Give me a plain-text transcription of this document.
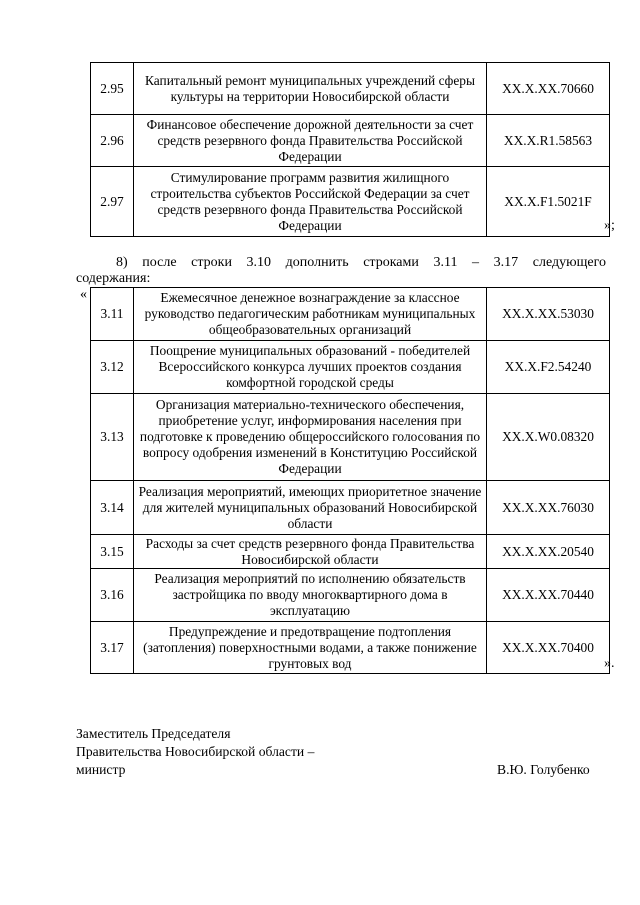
2.95	Капитальный ремонт муниципальных учреждений сферы культуры на территории Новосибирской области	ХХ.Х.ХХ.70660
2.96	Финансовое обеспечение дорожной деятельности за счет средств резервного фонда Правительства Российской Федерации	ХХ.Х.R1.58563
2.97	Стимулирование программ развития жилищного строительства субъектов Российской Федерации за счет средств резервного фонда Правительства Российской Федерации	ХХ.Х.F1.5021F
»;

8) после строки 3.10 дополнить строками 3.11 – 3.17 следующего

содержания:

«
3.11	Ежемесячное денежное вознаграждение за классное руководство педагогическим работникам муниципальных общеобразовательных организаций	ХХ.Х.ХХ.53030
3.12	Поощрение муниципальных образований - победителей Всероссийского конкурса лучших проектов создания комфортной городской среды	ХХ.Х.F2.54240
3.13	Организация материально-технического обеспечения, приобретение услуг, информирования населения при подготовке к проведению общероссийского голосования по вопросу одобрения изменений в Конституцию Российской Федерации	ХХ.Х.W0.08320
3.14	Реализация мероприятий, имеющих приоритетное значение для жителей муниципальных образований Новосибирской области	ХХ.Х.ХХ.76030
3.15	Расходы за счет средств резервного фонда Правительства Новосибирской области	ХХ.Х.ХХ.20540
3.16	Реализация мероприятий по исполнению обязательств застройщика по вводу многоквартирного дома в эксплуатацию	ХХ.Х.ХХ.70440
3.17	Предупреждение и предотвращение подтопления (затопления) поверхностными водами, а также понижение грунтовых вод	ХХ.Х.ХХ.70400
».
Заместитель Председателя
Правительства Новосибирской области –
министр	В.Ю. Голубенко
